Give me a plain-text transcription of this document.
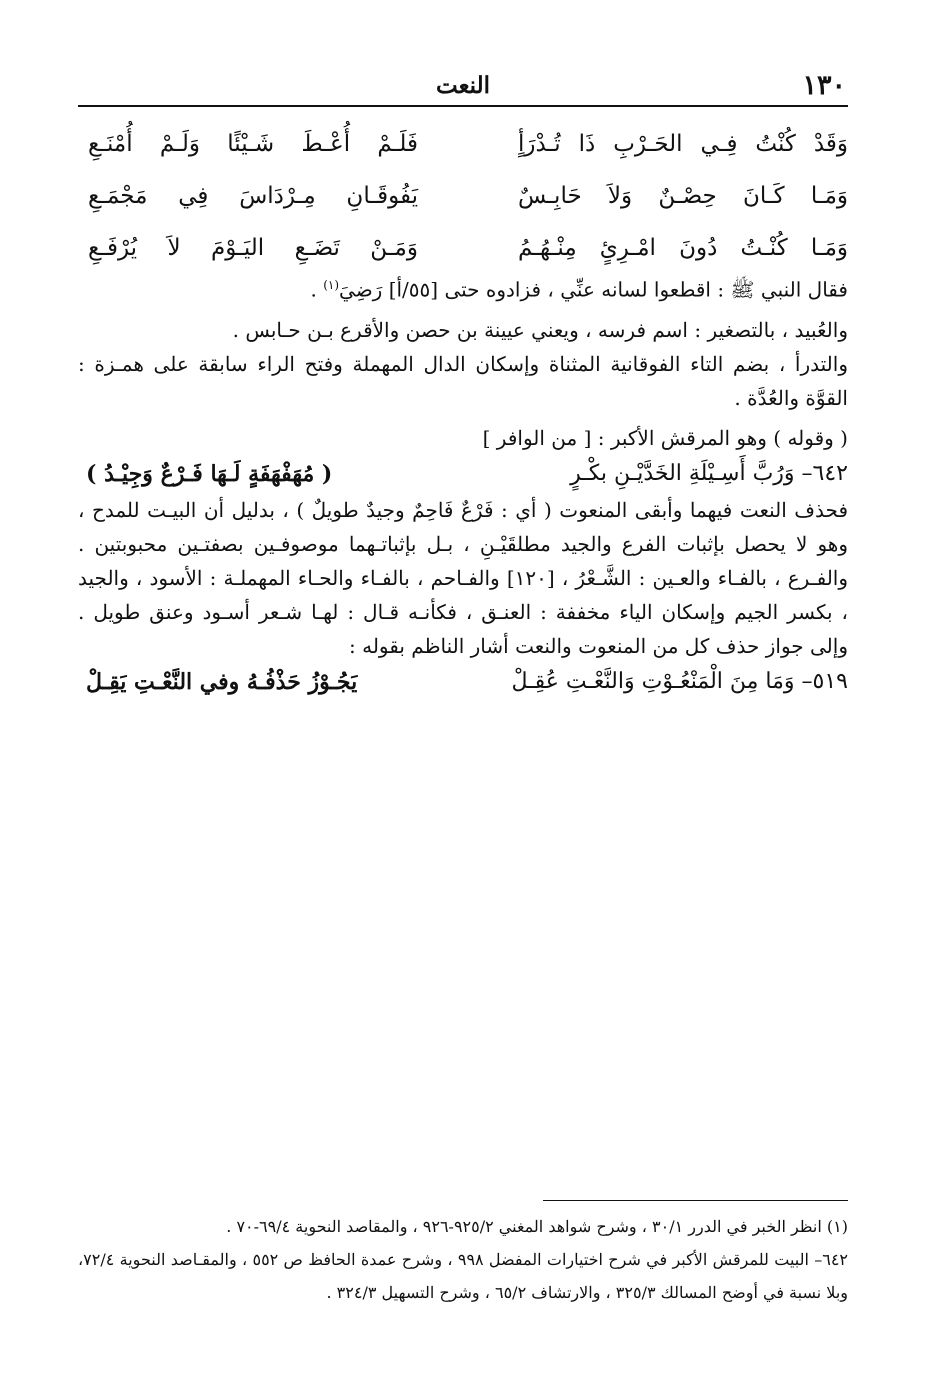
١٣٠
النعت
وَقَدْ كُنْتُ فِـي الحَـرْبِ ذَا تُـدْرَأٍ
فَلَـمْ أُعْـطَ شَـيْئًا وَلَـمْ أُمْنَـعِ
وَمَـا كَـانَ حِصْـنٌ وَلاَ حَابِـسٌ
يَفُوقَـانِ مِـرْدَاسَ فِي مَجْمَـعِ
وَمَـا كُنْـتُ دُونَ امْـرِئٍ مِنْـهُـمُ
وَمَـنْ تَضَـعِ اليَـوْمَ لاَ يُرْفَـعِ

فقال النبي ﷺ : اقطعوا لسانه عنِّي ، فزادوه حتى [٥٥/أ] رَضِيَ$^{(١)}$ .

والعُبيد ، بالتصغير : اسم فرسه ، ويعني عيينة بن حصن والأقرع بـن حـابس .

والتدرأ ، بضم التاء الفوقانية المثناة وإسكان الدال المهملة وفتح الراء سابقة على همـزة : القوَّة والعُدَّة .

( وقوله ) وهو المرقش الأكبر : [ من الوافر ]

٦٤٢– وَرُبَّ أَسِـيْلَةِ الخَدَّيْـنِ بكْـرٍ
( مُهَفْهَفَةٍ لَـهَا فَـرْعٌ وَجِيْـدُ )

فحذف النعت فيهما وأبقى المنعوت ( أي : فَرْعٌ فَاحِمٌ وجيدٌ طويلٌ ) ، بدليل أن البيـت للمدح ، وهو لا يحصل بإثبات الفرع والجيد مطلقَيْـنِ ، بـل بإثباتـهما موصوفـين بصفتـين محبوبتين . والفـرع ، بالفـاء والعـين : الشَّـعْرُ ، [١٢٠] والفـاحم ، بالفـاء والحـاء المهملـة : الأسود ، والجيد ، بكسر الجيم وإسكان الياء مخففة : العنـق ، فكأنـه قـال : لهـا شـعر أسـود وعنق طويل . وإلى جواز حذف كل من المنعوت والنعت أشار الناظم بقوله :

٥١٩– وَمَا مِنَ الْمَنْعُـوْتِ وَالنَّعْـتِ عُقِـلْ
يَجُـوْزُ حَذْفُـهُ وفي النَّعْـتِ يَقِـلْ

(١) انظر الخبر في الدرر ٣٠/١ ، وشرح شواهد المغني ٩٢٥/٢-٩٢٦ ، والمقاصد النحوية ٦٩/٤-٧٠ .

٦٤٢– البيت للمرقش الأكبر في شرح اختيارات المفضل ٩٩٨ ، وشرح عمدة الحافظ ص ٥٥٢ ، والمقـاصد النحوية ٧٢/٤، وبلا نسبة في أوضح المسالك ٣٢٥/٣ ، والارتشاف ٦٥/٢ ، وشرح التسهيل ٣٢٤/٣ .
